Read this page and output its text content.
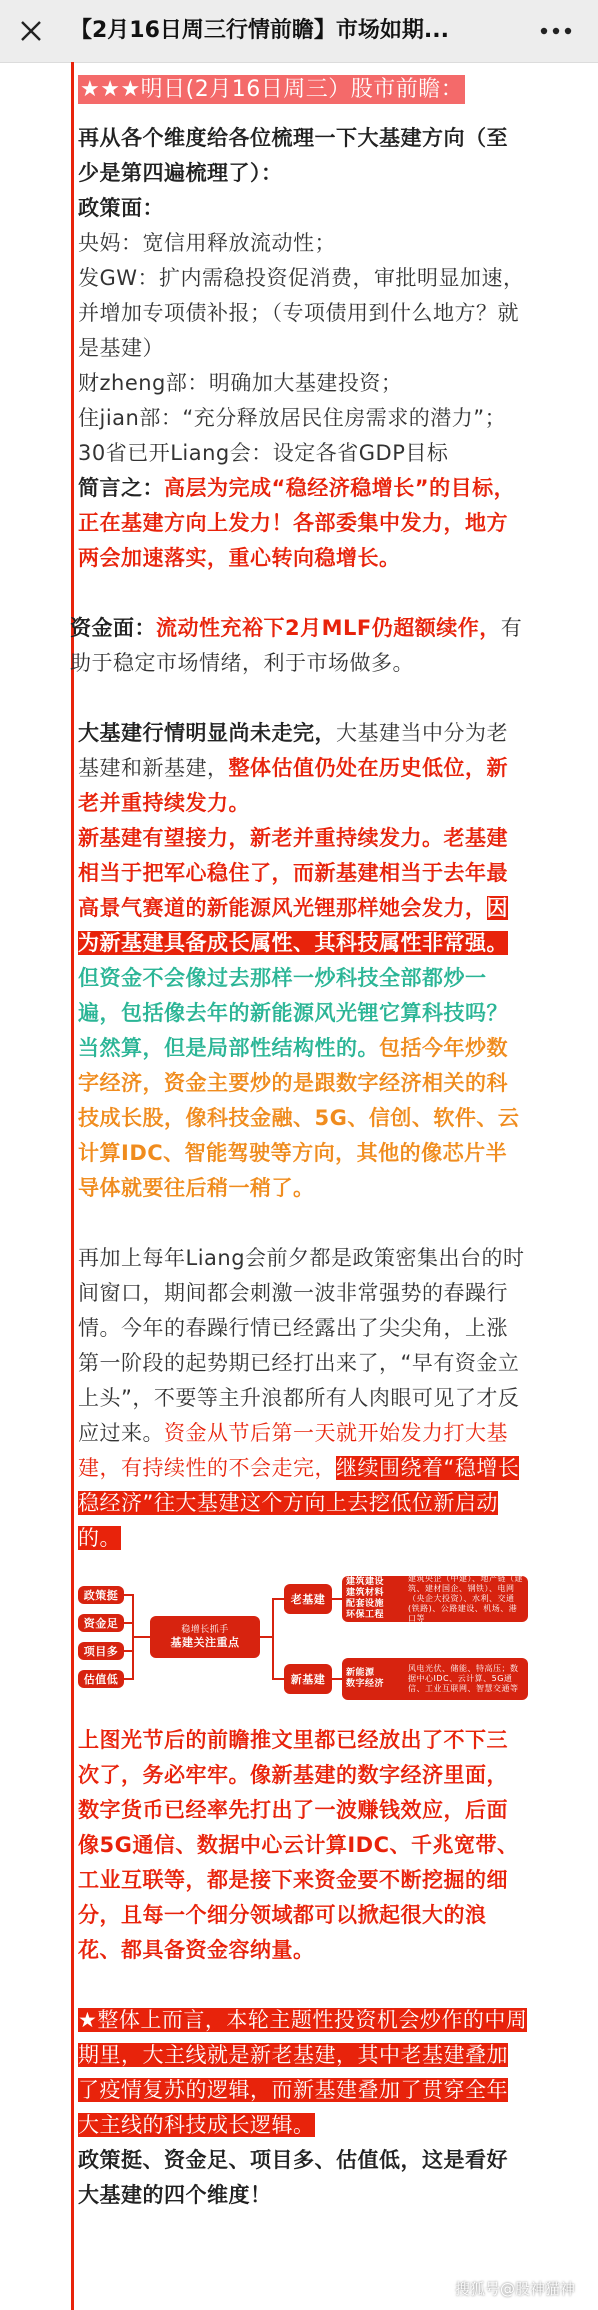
【2月16日周三行情前瞻】市场如期...

★★★明日(2月16日周三）股市前瞻：

再从各个维度给各位梳理一下大基建方向（至少是第四遍梳理了）：

政策面：

央妈：宽信用释放流动性；

发GW：扩内需稳投资促消费，审批明显加速，并增加专项债补报；（专项债用到什么地方？就是基建）

财zheng部：明确加大基建投资；

住jian部：“充分释放居民住房需求的潜力”；

30省已开Liang会：设定各省GDP目标

简言之：高层为完成“稳经济稳增长”的目标，正在基建方向上发力！各部委集中发力，地方两会加速落实，重心转向稳增长。

资金面：流动性充裕下2月MLF仍超额续作，有助于稳定市场情绪，利于市场做多。

大基建行情明显尚未走完，大基建当中分为老基建和新基建，整体估值仍处在历史低位，新老并重持续发力。

新基建有望接力，新老并重持续发力。老基建相当于把军心稳住了，而新基建相当于去年最高景气赛道的新能源风光锂那样她会发力，因为新基建具备成长属性、其科技属性非常强。

但资金不会像过去那样一炒科技全部都炒一遍，包括像去年的新能源风光锂它算科技吗？当然算，但是局部性结构性的。包括今年炒数字经济，资金主要炒的是跟数字经济相关的科技成长股，像科技金融、5G、信创、软件、云计算IDC、智能驾驶等方向，其他的像芯片半导体就要往后稍一稍了。

再加上每年Liang会前夕都是政策密集出台的时间窗口，期间都会刺激一波非常强势的春躁行情。今年的春躁行情已经露出了尖尖角，上涨第一阶段的起势期已经打出来了，“早有资金立上头”，不要等主升浪都所有人肉眼可见了才反应过来。资金从节后第一天就开始发力打大基建，有持续性的不会走完，继续围绕着“稳增长稳经济”往大基建这个方向上去挖低位新启动的。

政策挺
资金足
项目多
估值低
稳增长抓手
基建关注重点
老基建
新基建
建筑建设
建筑材料
配套设施
环保工程
建筑央企（中建）、地产链（建筑、建材国企、钢铁）、电网（央企大投资）、水利、交通(铁路)、公路建设、机场、港口等
新能源
数字经济
风电光伏、储能、特高压；数据中心IDC、云计算、5G通信、工业互联网、智慧交通等

上图光节后的前瞻推文里都已经放出了不下三次了，务必牢牢。像新基建的数字经济里面，数字货币已经率先打出了一波赚钱效应，后面像5G通信、数据中心云计算IDC、千兆宽带、工业互联等，都是接下来资金要不断挖掘的细分，且每一个细分领域都可以掀起很大的浪花、都具备资金容纳量。

★整体上而言，本轮主题性投资机会炒作的中周期里，大主线就是新老基建，其中老基建叠加了疫情复苏的逻辑，而新基建叠加了贯穿全年大主线的科技成长逻辑。

政策挺、资金足、项目多、估值低，这是看好大基建的四个维度！

搜狐号@股神猫神
